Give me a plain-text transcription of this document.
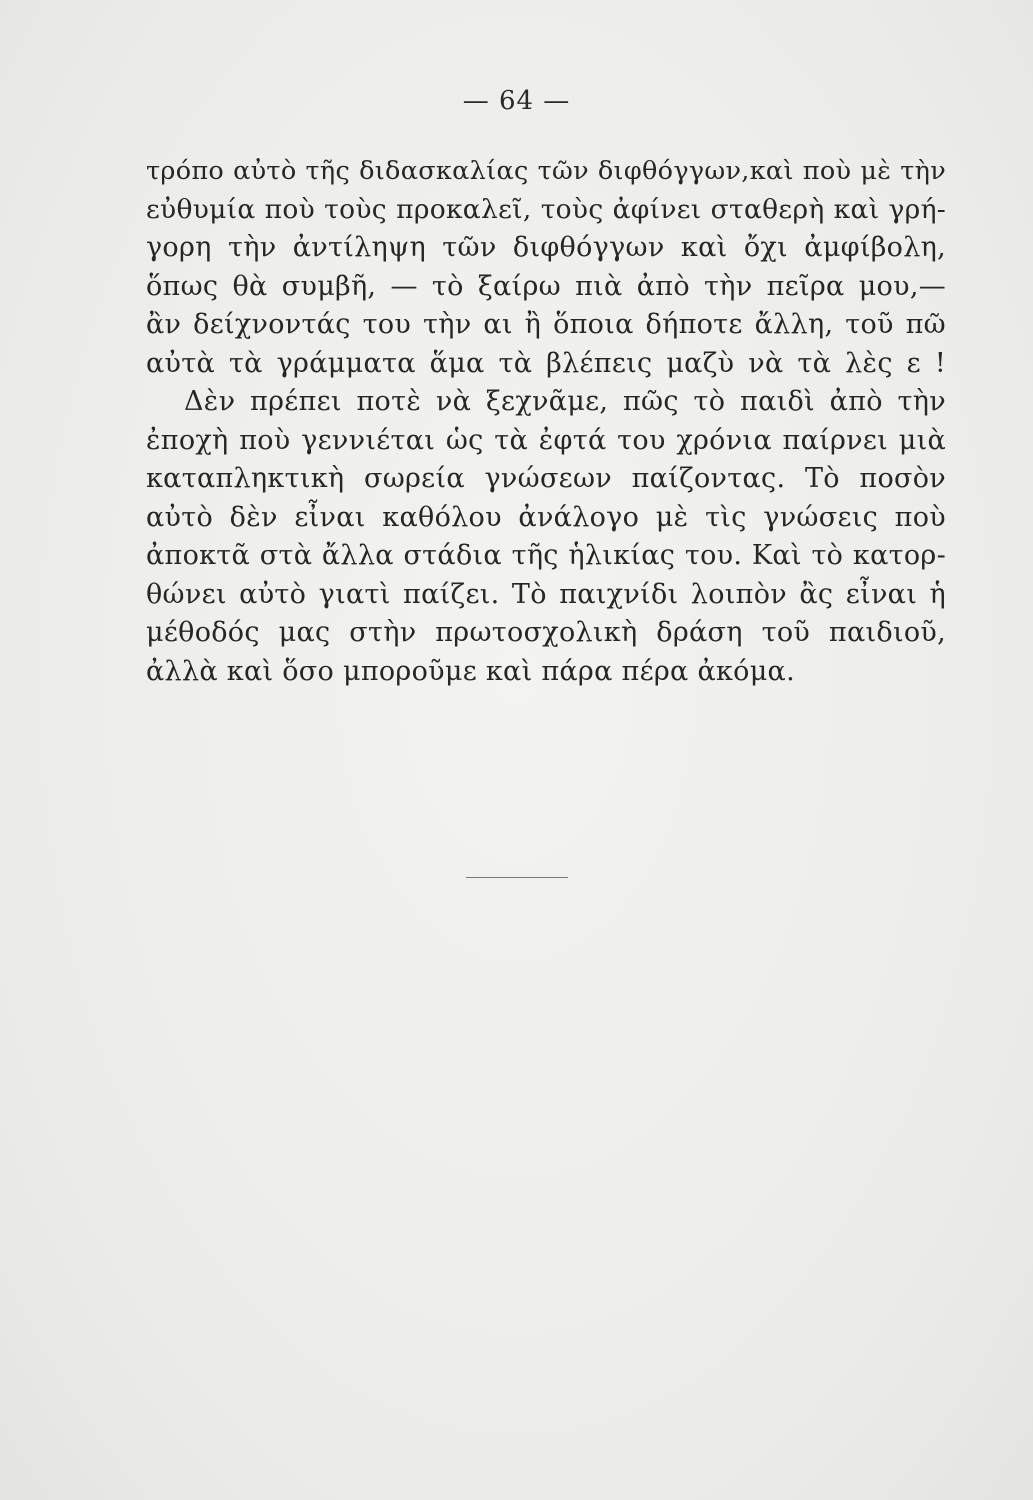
— 64 —
τρόπο αὐτὸ τῆς διδασκαλίας τῶν διφθόγγων,καὶ ποὺ μὲ τὴν
εὐθυμία ποὺ τοὺς προκαλεῖ, τοὺς ἀφίνει σταθερὴ καὶ γρή-
γορη τὴν ἀντίληψη τῶν διφθόγγων καὶ ὄχι ἀμφίβολη,
ὅπως θὰ συμβῆ, — τὸ ξαίρω πιὰ ἀπὸ τὴν πεῖρα μου,—
ἂν δείχνοντάς του τὴν αι ἢ ὅποια δήποτε ἄλλη, τοῦ πῶ
αὐτὰ τὰ γράμματα ἅμα τὰ βλέπεις μαζὺ νὰ τὰ λὲς ε !
Δὲν πρέπει ποτὲ νὰ ξεχνᾶμε, πῶς τὸ παιδὶ ἀπὸ τὴν
ἐποχὴ ποὺ γεννιέται ὡς τὰ ἐφτά του χρόνια παίρνει μιὰ
καταπληκτικὴ σωρεία γνώσεων παίζοντας. Τὸ ποσὸν
αὐτὸ δὲν εἶναι καθόλου ἀνάλογο μὲ τὶς γνώσεις ποὺ
ἀποκτᾶ στὰ ἄλλα στάδια τῆς ἡλικίας του. Καὶ τὸ κατορ-
θώνει αὐτὸ γιατὶ παίζει. Τὸ παιχνίδι λοιπὸν ἂς εἶναι ἡ
μέθοδός μας στὴν πρωτοσχολικὴ δράση τοῦ παιδιοῦ,
ἀλλὰ καὶ ὅσο μποροῦμε καὶ πάρα πέρα ἀκόμα.
